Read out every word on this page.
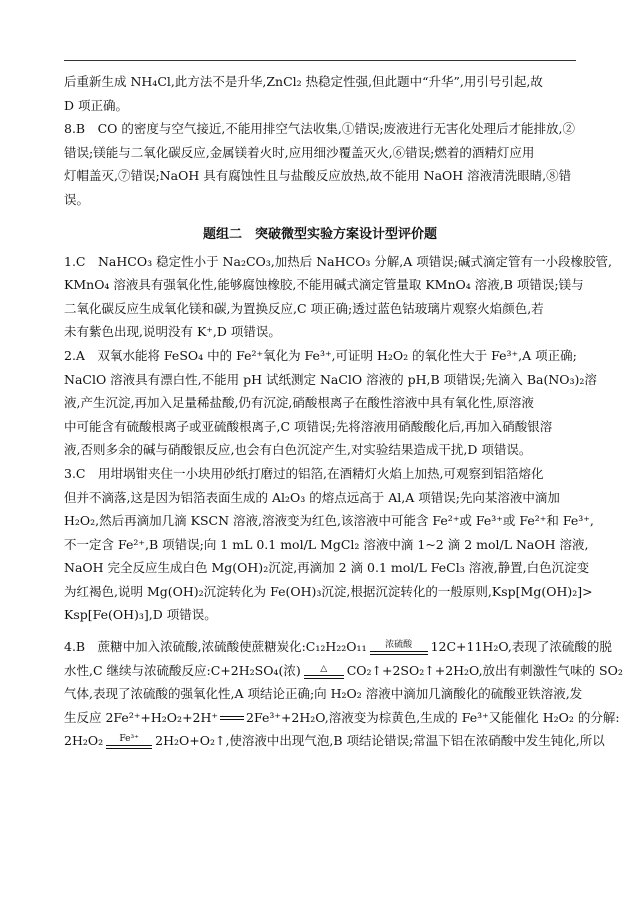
后重新生成 NH₄Cl,此方法不是升华,ZnCl₂ 热稳定性强,但此题中“升华”,用引号引起,故

D 项正确。

8.B　CO 的密度与空气接近,不能用排空气法收集,①错误;废液进行无害化处理后才能排放,②

错误;镁能与二氧化碳反应,金属镁着火时,应用细沙覆盖灭火,⑥错误;燃着的酒精灯应用

灯帽盖灭,⑦错误;NaOH 具有腐蚀性且与盐酸反应放热,故不能用 NaOH 溶液清洗眼睛,⑧错

误。

题组二　突破微型实验方案设计型评价题

1.C　NaHCO₃ 稳定性小于 Na₂CO₃,加热后 NaHCO₃ 分解,A 项错误;碱式滴定管有一小段橡胶管,

KMnO₄ 溶液具有强氧化性,能够腐蚀橡胶,不能用碱式滴定管量取 KMnO₄ 溶液,B 项错误;镁与

二氧化碳反应生成氧化镁和碳,为置换反应,C 项正确;透过蓝色钴玻璃片观察火焰颜色,若

未有紫色出现,说明没有 K⁺,D 项错误。

2.A　双氧水能将 FeSO₄ 中的 Fe²⁺氧化为 Fe³⁺,可证明 H₂O₂ 的氧化性大于 Fe³⁺,A 项正确;

NaClO 溶液具有漂白性,不能用 pH 试纸测定 NaClO 溶液的 pH,B 项错误;先滴入 Ba(NO₃)₂溶

液,产生沉淀,再加入足量稀盐酸,仍有沉淀,硝酸根离子在酸性溶液中具有氧化性,原溶液

中可能含有硫酸根离子或亚硫酸根离子,C 项错误;先将溶液用硝酸酸化后,再加入硝酸银溶

液,否则多余的碱与硝酸银反应,也会有白色沉淀产生,对实验结果造成干扰,D 项错误。

3.C　用坩埚钳夹住一小块用砂纸打磨过的铝箔,在酒精灯火焰上加热,可观察到铝箔熔化

但并不滴落,这是因为铝箔表面生成的 Al₂O₃ 的熔点远高于 Al,A 项错误;先向某溶液中滴加

H₂O₂,然后再滴加几滴 KSCN 溶液,溶液变为红色,该溶液中可能含 Fe²⁺或 Fe³⁺或 Fe²⁺和 Fe³⁺,

不一定含 Fe²⁺,B 项错误;向 1 mL 0.1 mol/L MgCl₂ 溶液中滴 1~2 滴 2 mol/L NaOH 溶液,

NaOH 完全反应生成白色 Mg(OH)₂沉淀,再滴加 2 滴 0.1 mol/L FeCl₃ 溶液,静置,白色沉淀变

为红褐色,说明 Mg(OH)₂沉淀转化为 Fe(OH)₃沉淀,根据沉淀转化的一般原则,Ksp[Mg(OH)₂]>

Ksp[Fe(OH)₃],D 项错误。

4.B　蔗糖中加入浓硫酸,浓硫酸使蔗糖炭化:C₁₂H₂₂O₁₁	浓硫酸	12C+11H₂O,表现了浓硫酸的脱

水性,C 继续与浓硫酸反应:C+2H₂SO₄(浓)	△	CO₂↑+2SO₂↑+2H₂O,放出有刺激性气味的 SO₂

气体,表现了浓硫酸的强氧化性,A 项结论正确;向 H₂O₂ 溶液中滴加几滴酸化的硫酸亚铁溶液,发

生反应 2Fe²⁺+H₂O₂+2H⁺ 2Fe³⁺+2H₂O,溶液变为棕黄色,生成的 Fe³⁺又能催化 H₂O₂ 的分解:

2H₂O₂	Fe³⁺	2H₂O+O₂↑,使溶液中出现气泡,B 项结论错误;常温下铝在浓硝酸中发生钝化,所以
